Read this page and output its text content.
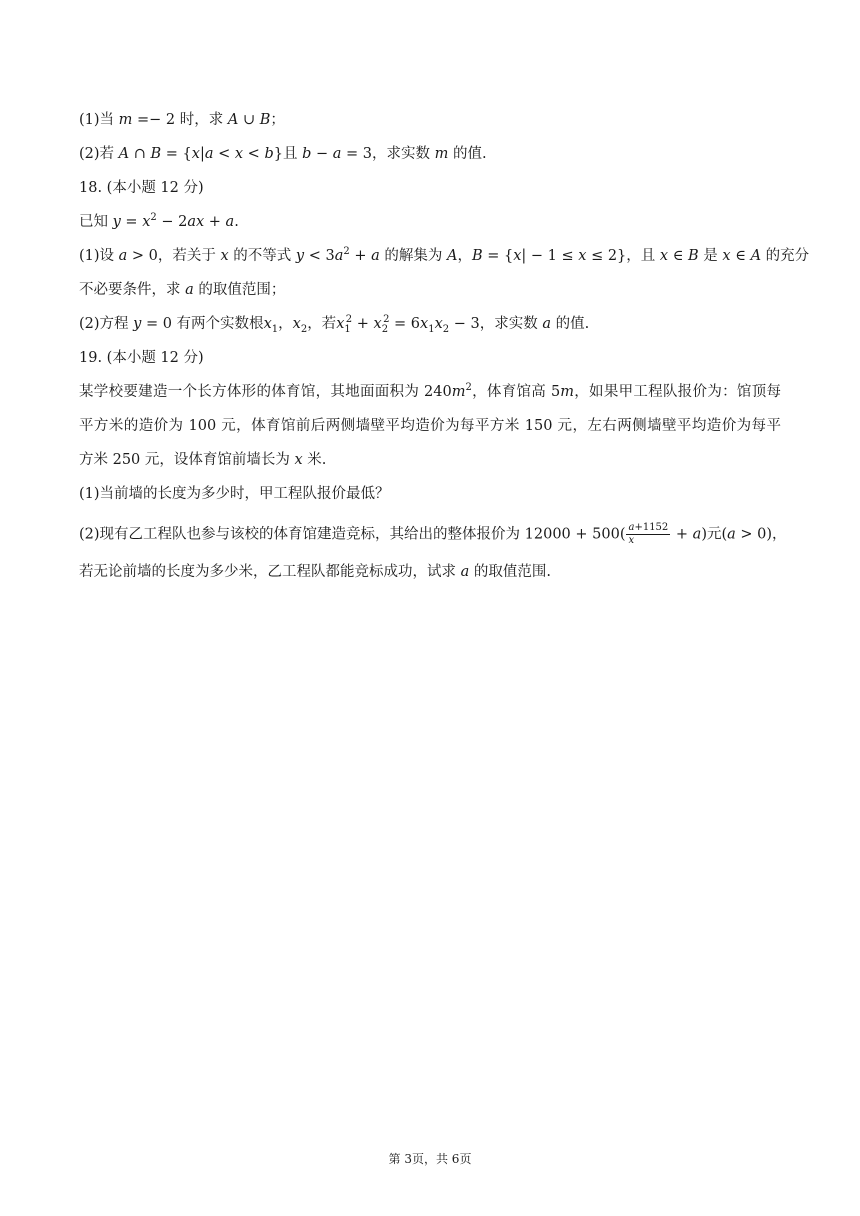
(1)当 m =− 2 时，求 A ∪ B；
(2)若 A ∩ B = {x|a < x < b}且 b − a = 3，求实数 m 的值.
18. (本小题 12 分)
已知 $y = x^2 - 2ax + a$.
(1)设 a > 0，若关于 x 的不等式 $y < 3a^2 + a$ 的解集为 A，B = {x| − 1 ≤ x ≤ 2}，且 x ∈ B 是 x ∈ A 的充分
不必要条件，求 a 的取值范围；
(2)方程 y = 0 有两个实数根$x_1$，$x_2$，若$x_1^2 + x_2^2 = 6x_1x_2 - 3$，求实数 a 的值.
19. (本小题 12 分)
某学校要建造一个长方体形的体育馆，其地面面积为 $240m^2$，体育馆高 5m，如果甲工程队报价为：馆顶每
平方米的造价为 100 元，体育馆前后两侧墙壁平均造价为每平方米 150 元，左右两侧墙壁平均造价为每平
方米 250 元，设体育馆前墙长为 x 米.
(1)当前墙的长度为多少时，甲工程队报价最低？
(2)现有乙工程队也参与该校的体育馆建造竞标，其给出的整体报价为 $12000 + 500( \frac{a+1152}{x} + a)$元(a > 0)，
若无论前墙的长度为多少米，乙工程队都能竞标成功，试求 a 的取值范围.
第 3页，共 6页
